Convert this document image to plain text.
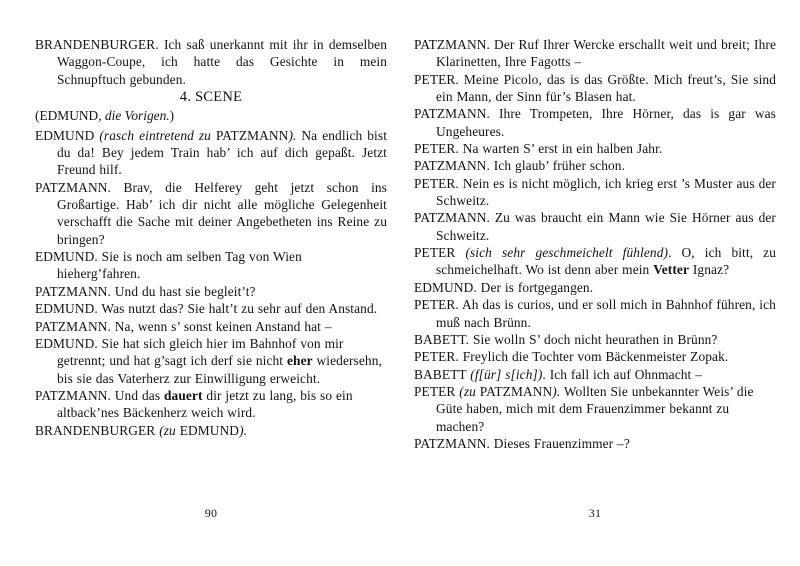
BRANDENBURGER. Ich saß unerkannt mit ihr in demselben Waggon-Coupe, ich hatte das Gesichte in mein Schnupftuch gebunden.

4. SCENE

(EDMUND, die Vorigen.)

EDMUND (rasch eintretend zu PATZMANN). Na endlich bist du da! Bey jedem Train hab’ ich auf dich gepaßt. Jetzt Freund hilf.

PATZMANN. Brav, die Helferey geht jetzt schon ins Großartige. Hab’ ich dir nicht alle mögliche Gelegenheit verschafft die Sache mit deiner Angebetheten ins Reine zu bringen?

EDMUND. Sie is noch am selben Tag von Wien hieherg’fahren.

PATZMANN. Und du hast sie begleit’t?

EDMUND. Was nutzt das? Sie halt’t zu sehr auf den Anstand.

PATZMANN. Na, wenn s’ sonst keinen Anstand hat –

EDMUND. Sie hat sich gleich hier im Bahnhof von mir getrennt; und hat g’sagt ich derf sie nicht eher wiedersehn, bis sie das Vaterherz zur Einwilligung erweicht.

PATZMANN. Und das dauert dir jetzt zu lang, bis so ein altback’nes Bäckenherz weich wird.

BRANDENBURGER (zu EDMUND).

PATZMANN. Der Ruf Ihrer Wercke erschallt weit und breit; Ihre Klarinetten, Ihre Fagotts –

PETER. Meine Picolo, das is das Größte. Mich freut’s, Sie sind ein Mann, der Sinn für’s Blasen hat.

PATZMANN. Ihre Trompeten, Ihre Hörner, das is gar was Ungeheures.

PETER. Na warten S’ erst in ein halben Jahr.

PATZMANN. Ich glaub’ früher schon.

PETER. Nein es is nicht möglich, ich krieg erst ’s Muster aus der Schweitz.

PATZMANN. Zu was braucht ein Mann wie Sie Hörner aus der Schweitz.

PETER (sich sehr geschmeichelt fühlend). O, ich bitt, zu schmeichelhaft. Wo ist denn aber mein Vetter Ignaz?

EDMUND. Der is fortgegangen.

PETER. Ah das is curios, und er soll mich in Bahnhof führen, ich muß nach Brünn.

BABETT. Sie wolln S’ doch nicht heurathen in Brünn?

PETER. Freylich die Tochter vom Bäckenmeister Zopak.

BABETT (f[ür] s[ich]). Ich fall ich auf Ohnmacht –

PETER (zu PATZMANN). Wollten Sie unbekannter Weis’ die Güte haben, mich mit dem Frauenzimmer bekannt zu machen?

PATZMANN. Dieses Frauenzimmer –?

90	31
